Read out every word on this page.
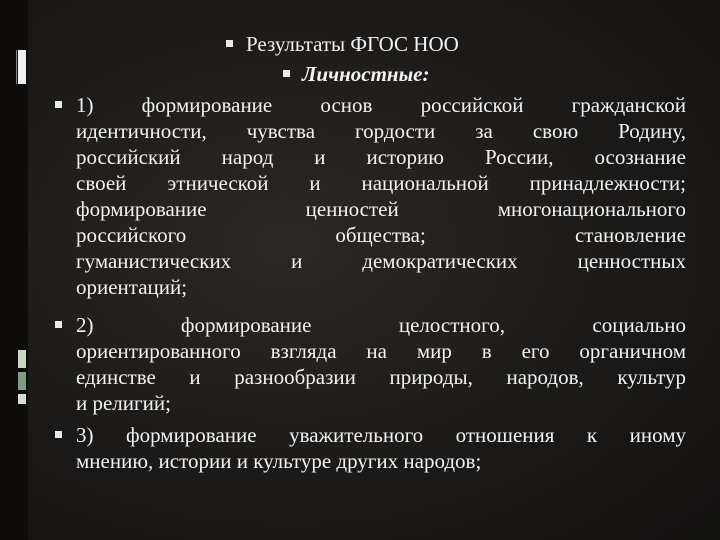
Результаты ФГОС НОО
Личностные:
1) формирование основ российской гражданской
идентичности, чувства гордости за свою Родину,
российский народ и историю России, осознание
своей этнической и национальной принадлежности;
формирование ценностей многонационального
российского общества; становление
гуманистических и демократических ценностных
ориентаций;
2) формирование целостного, социально
ориентированного взгляда на мир в его органичном
единстве и разнообразии природы, народов, культур
и религий;
3) формирование уважительного отношения к иному
мнению, истории и культуре других народов;
